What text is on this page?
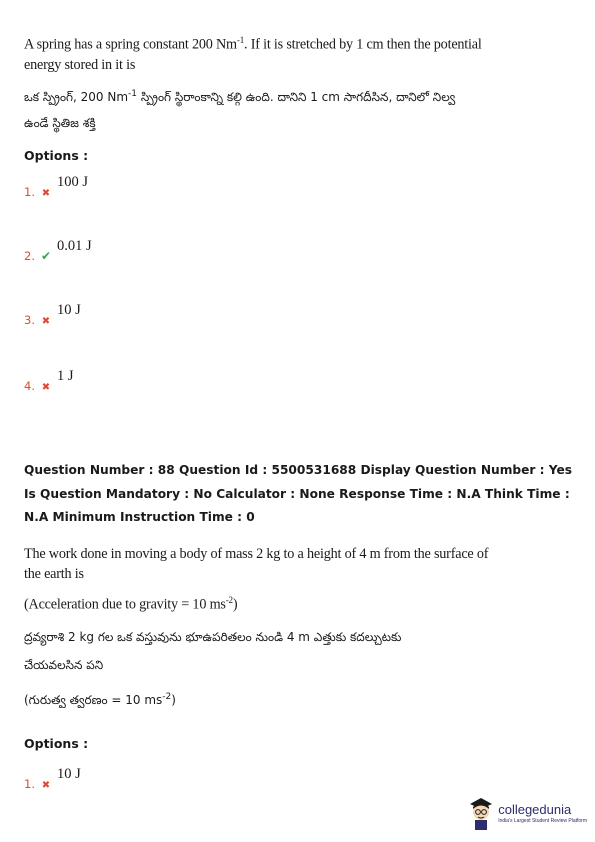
A spring has a spring constant 200 $Nm^{-1}$. If it is stretched by 1 cm then the potential
energy stored in it is
ఒక స్ప్రింగ్, 200 $Nm^{-1}$ స్ప్రింగ్ స్థిరాంకాన్ని కల్గి ఉంది. దానిని 1 cm సాగదీసిన, దానిలో నిల్వ
ఉండే స్థితిజ శక్తి
Options :
1. ✖
100 J
2. ✔
0.01 J
3. ✖
10 J
4. ✖
1 J
Question Number : 88 Question Id : 5500531688 Display Question Number : Yes Is Question Mandatory : No Calculator : None Response Time : N.A Think Time : N.A Minimum Instruction Time : 0
The work done in moving a body of mass 2 kg to a height of 4 m from the surface of
the earth is
(Acceleration due to gravity = 10 $ms^{-2}$)
ద్రవ్యరాశి 2 kg గల ఒక వస్తువును భూఉపరితలం నుండి 4 m ఎత్తుకు కదల్చుటకు
చేయవలసిన పని
(గురుత్వ త్వరణం = 10 $ms^{-2}$)
Options :
1. ✖
10 J
collegedunia
India's Largest Student Review Platform
